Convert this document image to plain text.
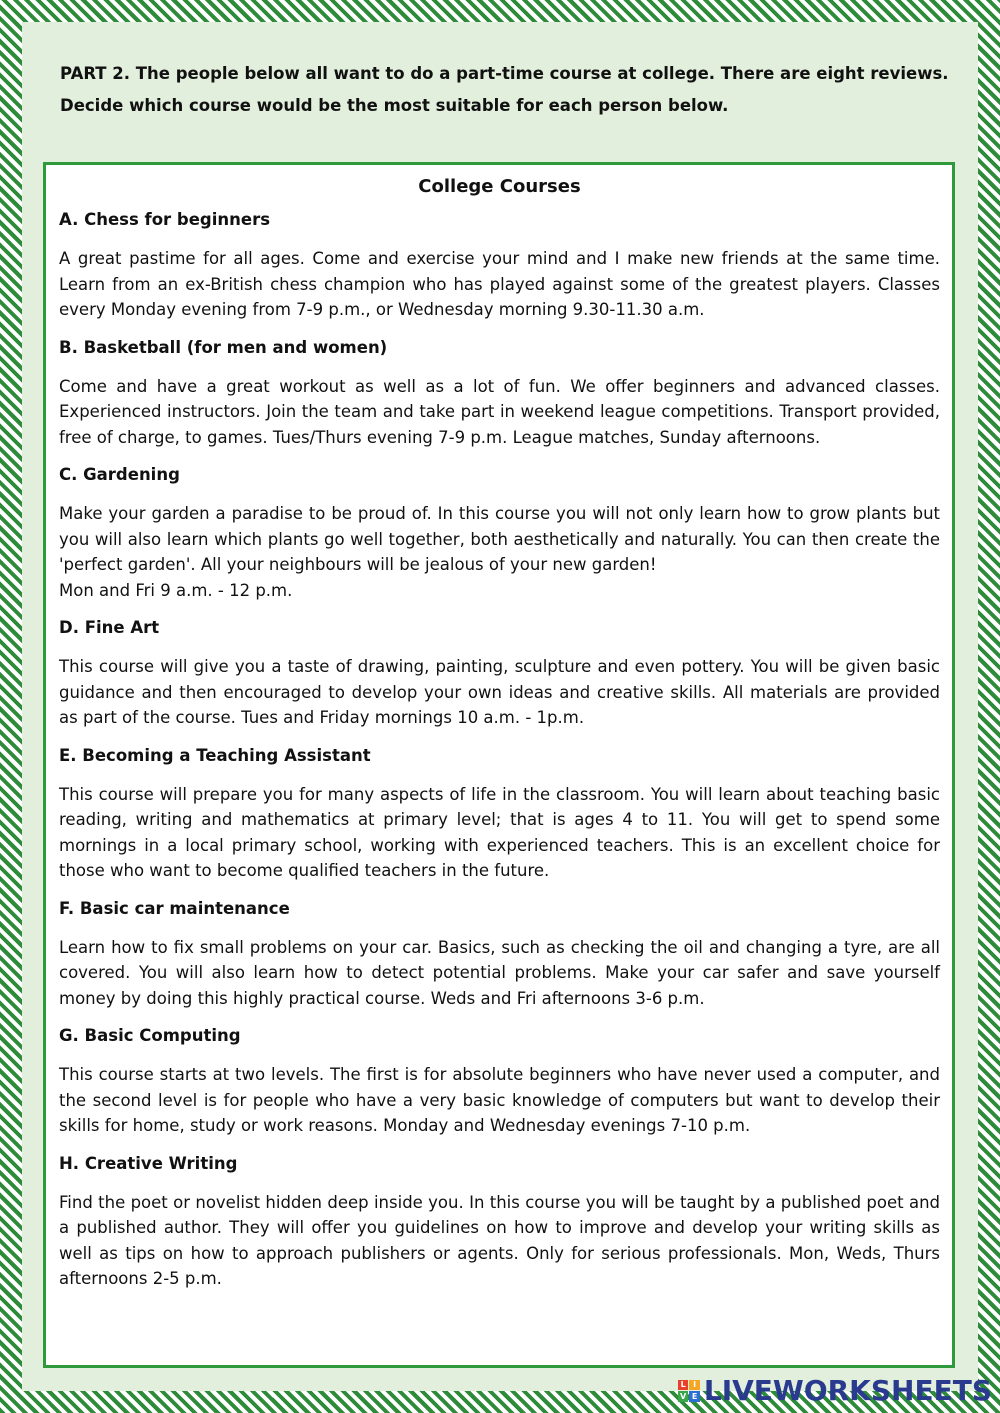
PART 2. The people below all want to do a part-time course at college. There are eight reviews.
Decide which course would be the most suitable for each person below.
College Courses
A. Chess for beginners
A great pastime for all ages. Come and exercise your mind and I make new friends at the same time. Learn from an ex-British chess champion who has played against some of the greatest players. Classes every Monday evening from 7-9 p.m., or Wednesday morning 9.30-11.30 a.m.
B. Basketball (for men and women)
Come and have a great workout as well as a lot of fun. We offer beginners and advanced classes. Experienced instructors. Join the team and take part in weekend league competitions. Transport provided, free of charge, to games. Tues/Thurs evening 7-9 p.m. League matches, Sunday afternoons.
C. Gardening
Make your garden a paradise to be proud of. In this course you will not only learn how to grow plants but you will also learn which plants go well together, both aesthetically and naturally. You can then create the 'perfect garden'. All your neighbours will be jealous of your new garden!
Mon and Fri 9 a.m. - 12 p.m.
D. Fine Art
This course will give you a taste of drawing, painting, sculpture and even pottery. You will be given basic guidance and then encouraged to develop your own ideas and creative skills. All materials are provided as part of the course. Tues and Friday mornings 10 a.m. - 1p.m.
E. Becoming a Teaching Assistant
This course will prepare you for many aspects of life in the classroom. You will learn about teaching basic reading, writing and mathematics at primary level; that is ages 4 to 11. You will get to spend some mornings in a local primary school, working with experienced teachers. This is an excellent choice for those who want to become qualified teachers in the future.
F. Basic car maintenance
Learn how to fix small problems on your car. Basics, such as checking the oil and changing a tyre, are all covered. You will also learn how to detect potential problems. Make your car safer and save yourself money by doing this highly practical course. Weds and Fri afternoons 3-6 p.m.
G. Basic Computing
This course starts at two levels. The first is for absolute beginners who have never used a computer, and the second level is for people who have a very basic knowledge of computers but want to develop their skills for home, study or work reasons. Monday and Wednesday evenings 7-10 p.m.
H. Creative Writing
Find the poet or novelist hidden deep inside you. In this course you will be taught by a published poet and a published author. They will offer you guidelines on how to improve and develop your writing skills as well as tips on how to approach publishers or agents. Only for serious professionals. Mon, Weds, Thurs afternoons 2-5 p.m.
L I
V E LIVEWORKSHEETS
